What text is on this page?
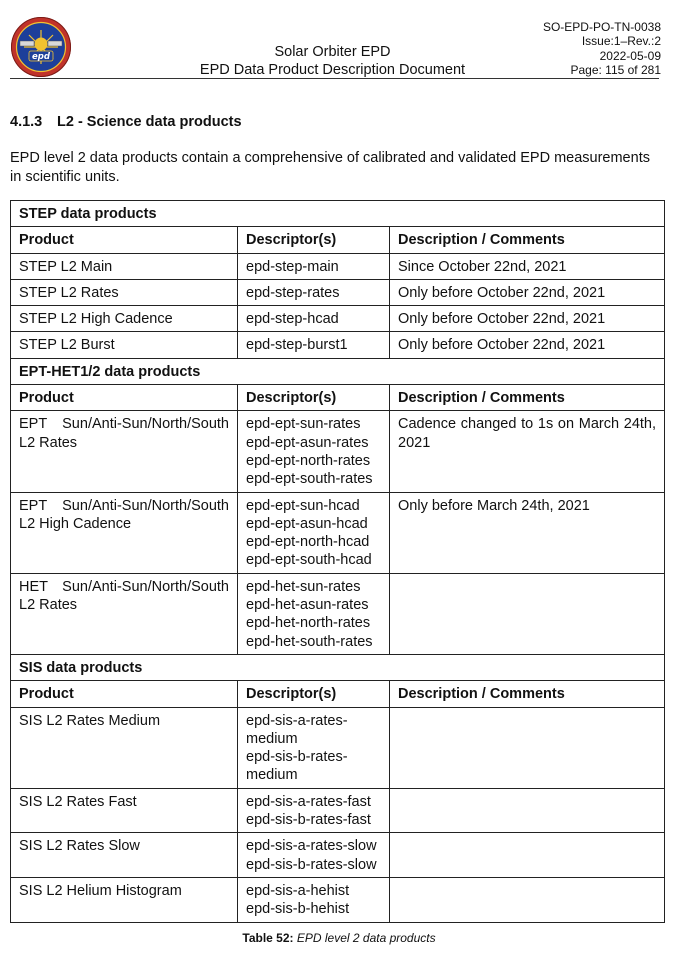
epd	Solar Orbiter EPD
EPD Data Product Description Document
SO-EPD-PO-TN-0038
Issue:1–Rev.:2
2022-05-09
Page: 115 of 281
4.1.3 L2 - Science data products
EPD level 2 data products contain a comprehensive of calibrated and validated EPD measurements in scientific units.
STEP data products		
Product	Descriptor(s)	Description / Comments
STEP L2 Main	epd-step-main	Since October 22nd, 2021
STEP L2 Rates	epd-step-rates	Only before October 22nd, 2021
STEP L2 High Cadence	epd-step-hcad	Only before October 22nd, 2021
STEP L2 Burst	epd-step-burst1	Only before October 22nd, 2021
EPT-HET1/2 data products		
Product	Descriptor(s)	Description / Comments
EPT Sun/Anti-Sun/North/South L2 Rates	epd-ept-sun-rates
epd-ept-asun-rates
epd-ept-north-rates
epd-ept-south-rates	Cadence changed to 1s on March 24th, 2021
EPT Sun/Anti-Sun/North/South L2 High Cadence	epd-ept-sun-hcad
epd-ept-asun-hcad
epd-ept-north-hcad
epd-ept-south-hcad	Only before March 24th, 2021
HET Sun/Anti-Sun/North/South L2 Rates	epd-het-sun-rates
epd-het-asun-rates
epd-het-north-rates
epd-het-south-rates	

SIS data products		
Product	Descriptor(s)	Description / Comments
SIS L2 Rates Medium	epd-sis-a-rates-
medium
epd-sis-b-rates-
medium	

SIS L2 Rates Fast	epd-sis-a-rates-fast
epd-sis-b-rates-fast	

SIS L2 Rates Slow	epd-sis-a-rates-slow
epd-sis-b-rates-slow	

SIS L2 Helium Histogram	epd-sis-a-hehist
epd-sis-b-hehist	

Table 52: EPD level 2 data products
